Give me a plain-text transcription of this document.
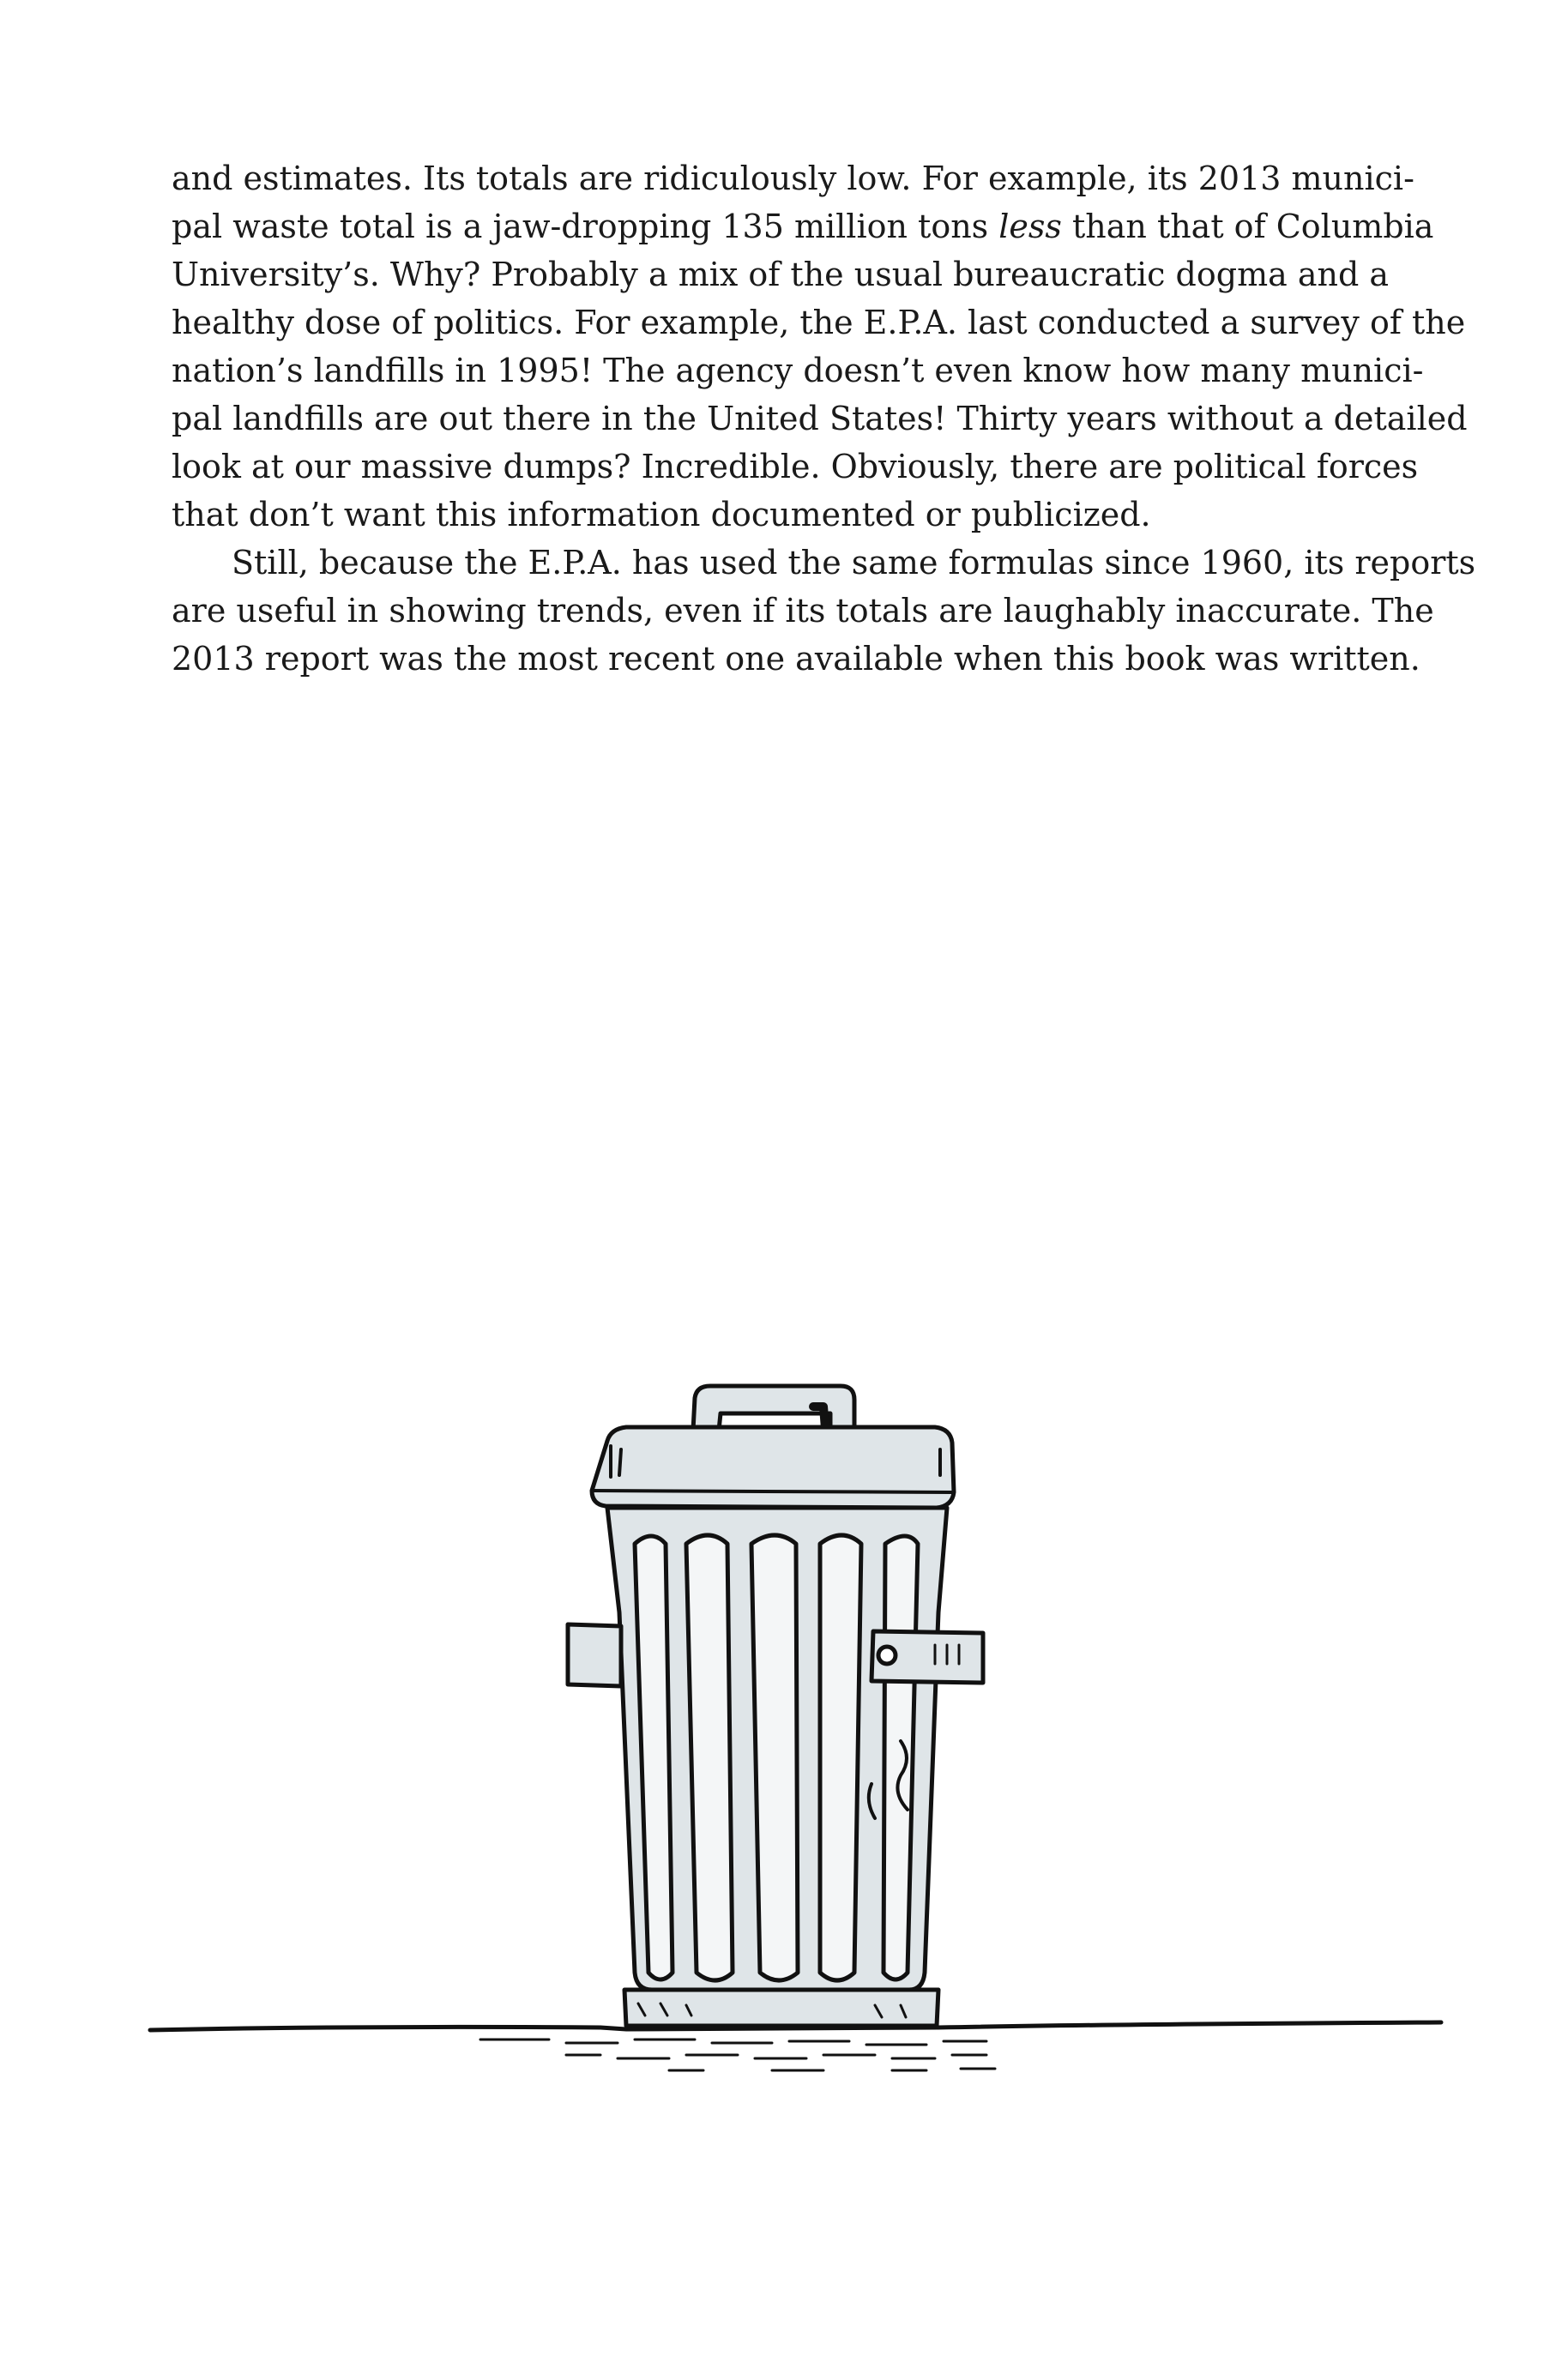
and estimates. Its totals are ridiculously low. For example, its 2013 munici-
pal waste total is a jaw-dropping 135 million tons less than that of Columbia
University’s. Why? Probably a mix of the usual bureaucratic dogma and a
healthy dose of politics. For example, the E.P.A. last conducted a survey of the
nation’s landfills in 1995! The agency doesn’t even know how many munici-
pal landfills are out there in the United States! Thirty years without a detailed
look at our massive dumps? Incredible. Obviously, there are political forces
that don’t want this information documented or publicized.
Still, because the E.P.A. has used the same formulas since 1960, its reports
are useful in showing trends, even if its totals are laughably inaccurate. The
2013 report was the most recent one available when this book was written.
